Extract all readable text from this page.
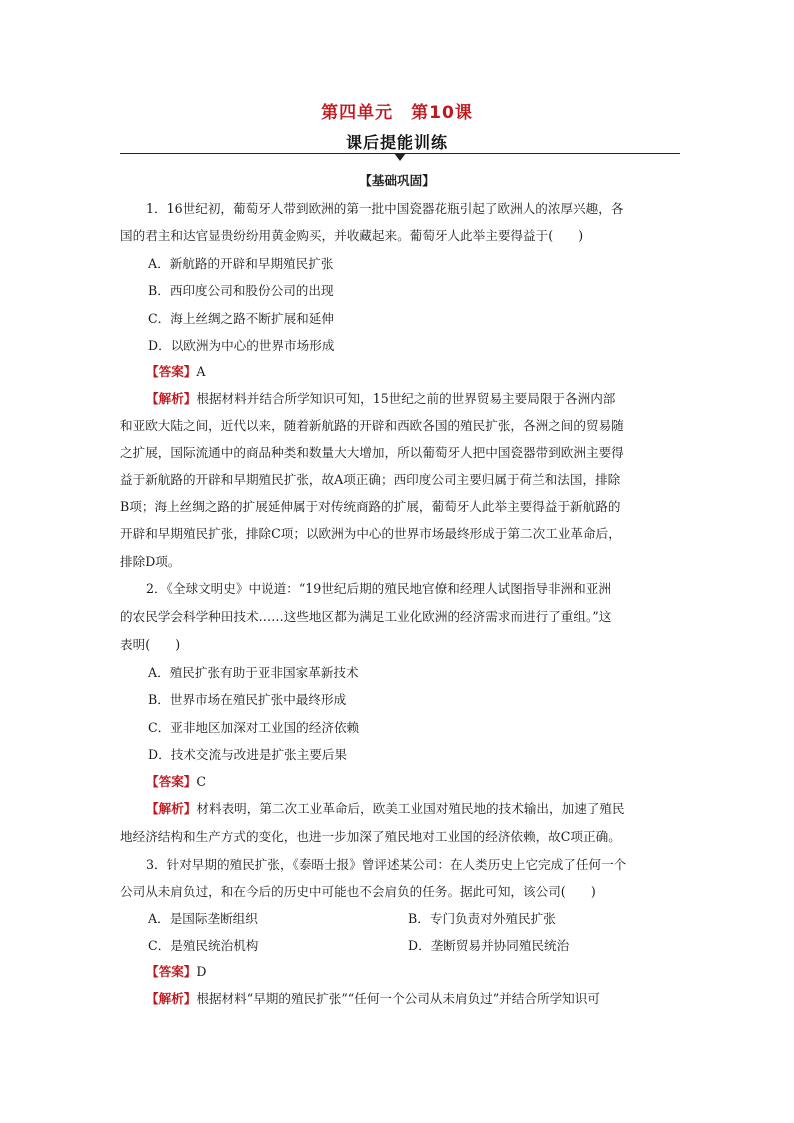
第四单元　第10课
课后提能训练
【基础巩固】
1．16世纪初，葡萄牙人带到欧洲的第一批中国瓷器花瓶引起了欧洲人的浓厚兴趣，各
国的君主和达官显贵纷纷用黄金购买，并收藏起来。葡萄牙人此举主要得益于(　　)
A．新航路的开辟和早期殖民扩张
B．西印度公司和股份公司的出现
C．海上丝绸之路不断扩展和延伸
D．以欧洲为中心的世界市场形成
【答案】A
【解析】根据材料并结合所学知识可知，15世纪之前的世界贸易主要局限于各洲内部
和亚欧大陆之间，近代以来，随着新航路的开辟和西欧各国的殖民扩张，各洲之间的贸易随
之扩展，国际流通中的商品种类和数量大大增加，所以葡萄牙人把中国瓷器带到欧洲主要得
益于新航路的开辟和早期殖民扩张，故A项正确；西印度公司主要归属于荷兰和法国，排除
B项；海上丝绸之路的扩展延伸属于对传统商路的扩展，葡萄牙人此举主要得益于新航路的
开辟和早期殖民扩张，排除C项；以欧洲为中心的世界市场最终形成于第二次工业革命后，
排除D项。
2．《全球文明史》中说道：“19世纪后期的殖民地官僚和经理人试图指导非洲和亚洲
的农民学会科学种田技术……这些地区都为满足工业化欧洲的经济需求而进行了重组。”这
表明(　　)
A．殖民扩张有助于亚非国家革新技术
B．世界市场在殖民扩张中最终形成
C．亚非地区加深对工业国的经济依赖
D．技术交流与改进是扩张主要后果
【答案】C
【解析】材料表明，第二次工业革命后，欧美工业国对殖民地的技术输出，加速了殖民
地经济结构和生产方式的变化，也进一步加深了殖民地对工业国的经济依赖，故C项正确。
3．针对早期的殖民扩张，《泰晤士报》曾评述某公司：在人类历史上它完成了任何一个
公司从未肩负过，和在今后的历史中可能也不会肩负的任务。据此可知，该公司(　　)
A．是国际垄断组织	B．专门负责对外殖民扩张
C．是殖民统治机构	D．垄断贸易并协同殖民统治
【答案】D
【解析】根据材料“早期的殖民扩张”“任何一个公司从未肩负过”并结合所学知识可
